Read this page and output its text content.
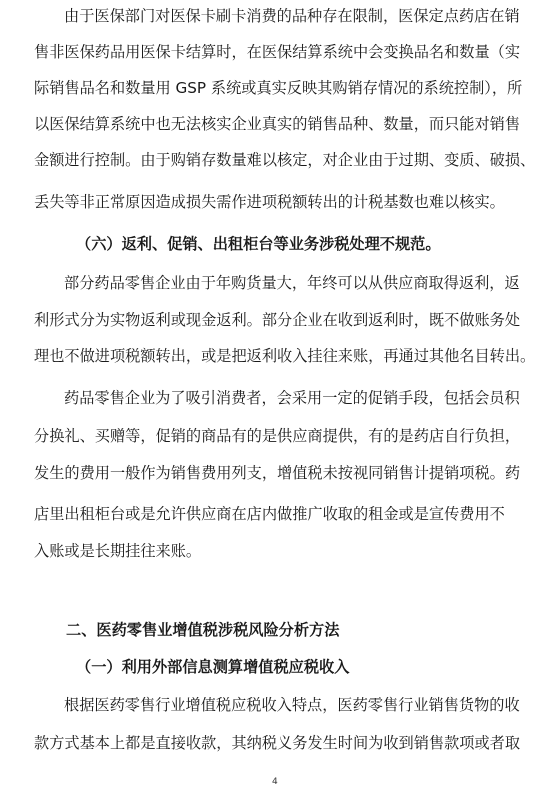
由于医保部门对医保卡刷卡消费的品种存在限制，医保定点药店在销
售非医保药品用医保卡结算时，在医保结算系统中会变换品名和数量（实
际销售品名和数量用 GSP 系统或真实反映其购销存情况的系统控制），所
以医保结算系统中也无法核实企业真实的销售品种、数量，而只能对销售
金额进行控制。由于购销存数量难以核定，对企业由于过期、变质、破损、
丢失等非正常原因造成损失需作进项税额转出的计税基数也难以核实。
（六）返利、促销、出租柜台等业务涉税处理不规范。
部分药品零售企业由于年购货量大，年终可以从供应商取得返利，返
利形式分为实物返利或现金返利。部分企业在收到返利时，既不做账务处
理也不做进项税额转出，或是把返利收入挂往来账，再通过其他名目转出。
药品零售企业为了吸引消费者，会采用一定的促销手段，包括会员积
分换礼、买赠等，促销的商品有的是供应商提供，有的是药店自行负担，
发生的费用一般作为销售费用列支，增值税未按视同销售计提销项税。药
店里出租柜台或是允许供应商在店内做推广收取的租金或是宣传费用不
入账或是长期挂往来账。
二、医药零售业增值税涉税风险分析方法
（一）利用外部信息测算增值税应税收入
根据医药零售行业增值税应税收入特点，医药零售行业销售货物的收
款方式基本上都是直接收款，其纳税义务发生时间为收到销售款项或者取
4
